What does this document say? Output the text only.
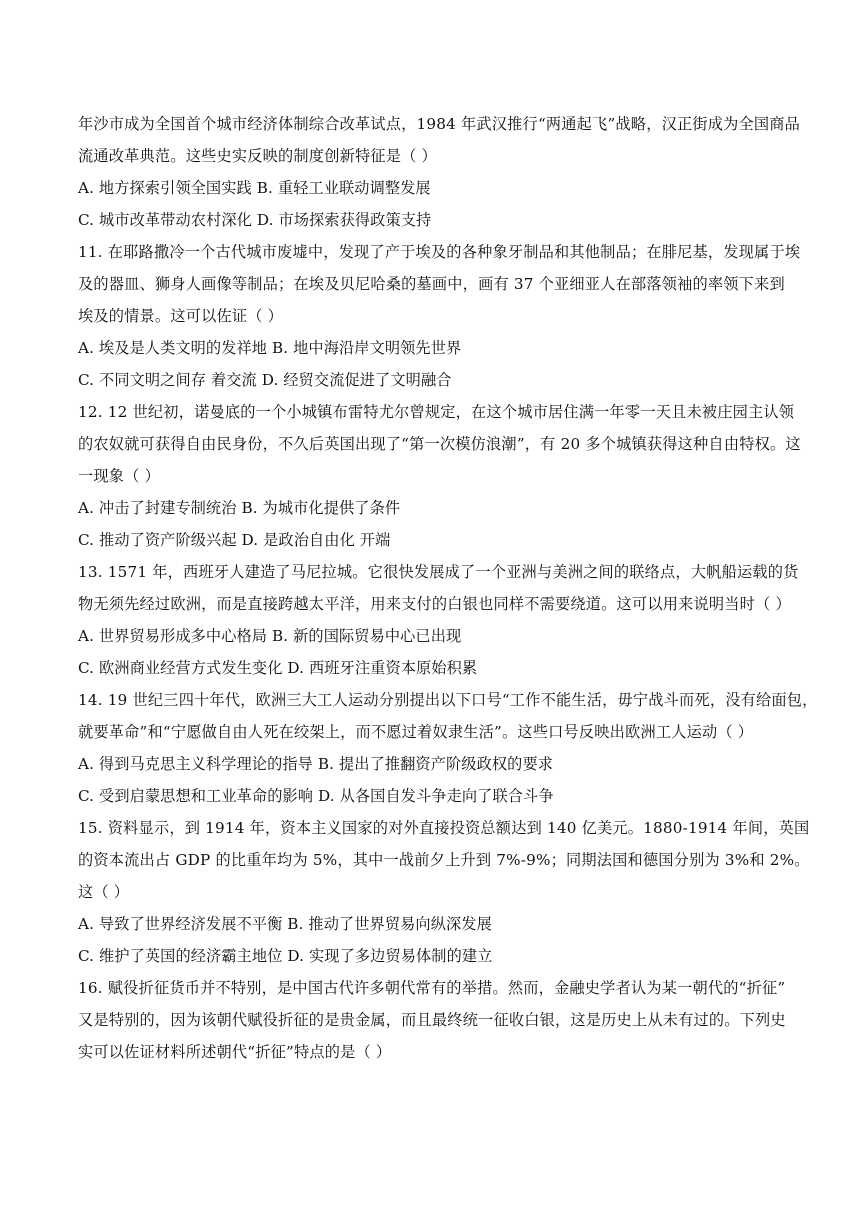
年沙市成为全国首个城市经济体制综合改革试点，1984 年武汉推行“两通起飞”战略，汉正街成为全国商品
流通改革典范。这些史实反映的制度创新特征是（ ）
A. 地方探索引领全国实践 B. 重轻工业联动调整发展
C. 城市改革带动农村深化 D. 市场探索获得政策支持
11. 在耶路撒冷一个古代城市废墟中，发现了产于埃及的各种象牙制品和其他制品；在腓尼基，发现属于埃
及的器皿、狮身人画像等制品；在埃及贝尼哈桑的墓画中，画有 37 个亚细亚人在部落领袖的率领下来到
埃及的情景。这可以佐证（ ）
A. 埃及是人类文明的发祥地 B. 地中海沿岸文明领先世界
C. 不同文明之间存 着交流 D. 经贸交流促进了文明融合
12. 12 世纪初，诺曼底的一个小城镇布雷特尤尔曾规定，在这个城市居住满一年零一天且未被庄园主认领
的农奴就可获得自由民身份，不久后英国出现了“第一次模仿浪潮”，有 20 多个城镇获得这种自由特权。这
一现象（ ）
A. 冲击了封建专制统治 B. 为城市化提供了条件
C. 推动了资产阶级兴起 D. 是政治自由化 开端
13. 1571 年，西班牙人建造了马尼拉城。它很快发展成了一个亚洲与美洲之间的联络点，大帆船运载的货
物无须先经过欧洲，而是直接跨越太平洋，用来支付的白银也同样不需要绕道。这可以用来说明当时（ ）
A. 世界贸易形成多中心格局 B. 新的国际贸易中心已出现
C. 欧洲商业经营方式发生变化 D. 西班牙注重资本原始积累
14. 19 世纪三四十年代，欧洲三大工人运动分别提出以下口号“工作不能生活，毋宁战斗而死，没有给面包，
就要革命”和“宁愿做自由人死在绞架上，而不愿过着奴隶生活”。这些口号反映出欧洲工人运动（ ）
A. 得到马克思主义科学理论的指导 B. 提出了推翻资产阶级政权的要求
C. 受到启蒙思想和工业革命的影响 D. 从各国自发斗争走向了联合斗争
15. 资料显示，到 1914 年，资本主义国家的对外直接投资总额达到 140 亿美元。1880-1914 年间，英国
的资本流出占 GDP 的比重年均为 5%，其中一战前夕上升到 7%-9%；同期法国和德国分别为 3%和 2%。
这（ ）
A. 导致了世界经济发展不平衡 B. 推动了世界贸易向纵深发展
C. 维护了英国的经济霸主地位 D. 实现了多边贸易体制的建立
16. 赋役折征货币并不特别，是中国古代许多朝代常有的举措。然而，金融史学者认为某一朝代的“折征”
又是特别的，因为该朝代赋役折征的是贵金属，而且最终统一征收白银，这是历史上从未有过的。下列史
实可以佐证材料所述朝代“折征”特点的是（ ）
